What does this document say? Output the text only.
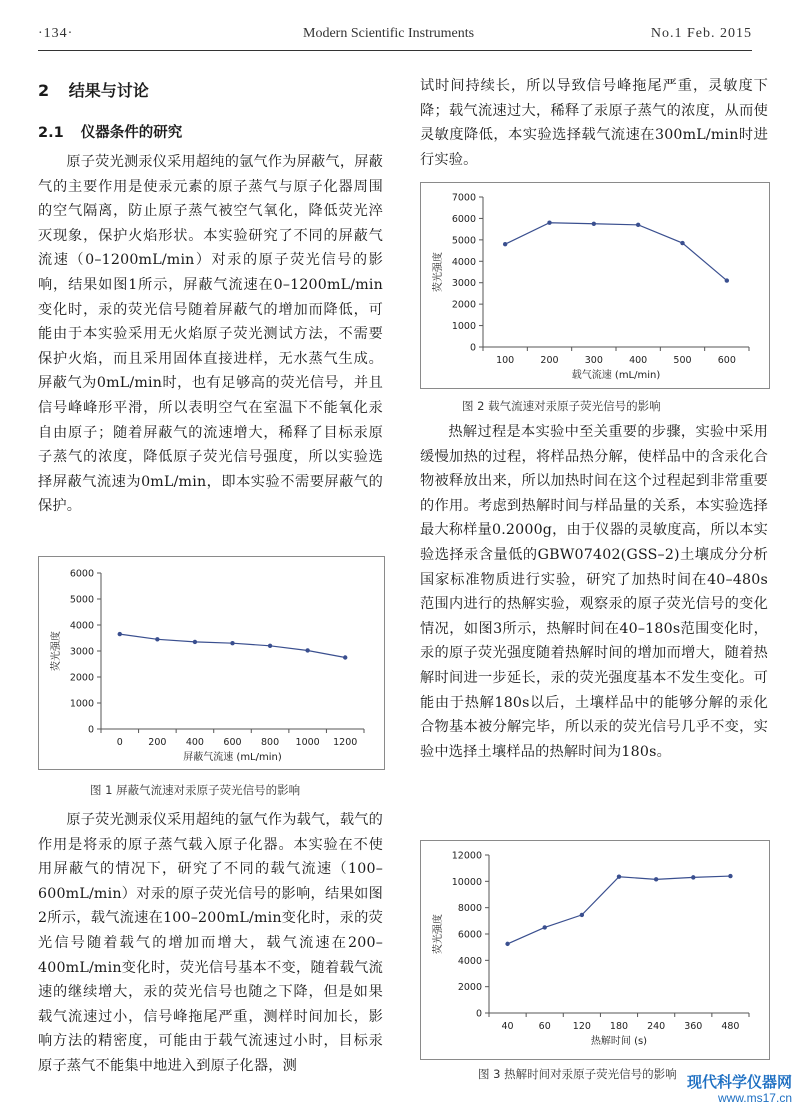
·134·	Modern Scientific Instruments	No.1 Feb. 2015
2 结果与讨论
2.1 仪器条件的研究

原子荧光测汞仪采用超纯的氩气作为屏蔽气，屏蔽气的主要作用是使汞元素的原子蒸气与原子化器周围的空气隔离，防止原子蒸气被空气氧化，降低荧光淬灭现象，保护火焰形状。本实验研究了不同的屏蔽气流速（0–1200mL/min）对汞的原子荧光信号的影响，结果如图1所示，屏蔽气流速在0–1200mL/min变化时，汞的荧光信号随着屏蔽气的增加而降低，可能由于本实验采用无火焰原子荧光测试方法，不需要保护火焰，而且采用固体直接进样，无水蒸气生成。屏蔽气为0mL/min时，也有足够高的荧光信号，并且信号峰峰形平滑，所以表明空气在室温下不能氧化汞自由原子；随着屏蔽气的流速增大，稀释了目标汞原子蒸气的浓度，降低原子荧光信号强度，所以实验选择屏蔽气流速为0mL/min，即本实验不需要屏蔽气的保护。

0
1000
2000
3000
4000
5000
6000
0	200 400 600 800 1000 1200
荧光强度
屏蔽气流速 (mL/min)
图 1 屏蔽气流速对汞原子荧光信号的影响

原子荧光测汞仪采用超纯的氩气作为载气，载气的作用是将汞的原子蒸气载入原子化器。本实验在不使用屏蔽气的情况下，研究了不同的载气流速（100–600mL/min）对汞的原子荧光信号的影响，结果如图2所示，载气流速在100–200mL/min变化时，汞的荧光信号随着载气的增加而增大，载气流速在200–400mL/min变化时，荧光信号基本不变，随着载气流速的继续增大，汞的荧光信号也随之下降，但是如果载气流速过小，信号峰拖尾严重，测样时间加长，影响方法的精密度，可能由于载气流速过小时，目标汞原子蒸气不能集中地进入到原子化器，测

试时间持续长，所以导致信号峰拖尾严重，灵敏度下降；载气流速过大，稀释了汞原子蒸气的浓度，从而使灵敏度降低，本实验选择载气流速在300mL/min时进行实验。

0
1000
2000
3000
4000
5000
6000
7000
100	200	300	400	500	600
荧光强度
载气流速 (mL/min)
图 2 载气流速对汞原子荧光信号的影响

热解过程是本实验中至关重要的步骤，实验中采用缓慢加热的过程，将样品热分解，使样品中的含汞化合物被释放出来，所以加热时间在这个过程起到非常重要的作用。考虑到热解时间与样品量的关系，本实验选择最大称样量0.2000g，由于仪器的灵敏度高，所以本实验选择汞含量低的GBW07402(GSS–2)土壤成分分析国家标准物质进行实验，研究了加热时间在40–480s范围内进行的热解实验，观察汞的原子荧光信号的变化情况，如图3所示，热解时间在40–180s范围变化时，汞的原子荧光强度随着热解时间的增加而增大，随着热解时间进一步延长，汞的荧光强度基本不发生变化。可能由于热解180s以后，土壤样品中的能够分解的汞化合物基本被分解完毕，所以汞的荧光信号几乎不变，实验中选择土壤样品的热解时间为180s。

0
2000
4000
6000
8000
10000
12000
40	60 120 180 240 360 480
荧光强度
热解时间 (s)
图 3 热解时间对汞原子荧光信号的影响 现代科学仪器网
www.ms17.cn
